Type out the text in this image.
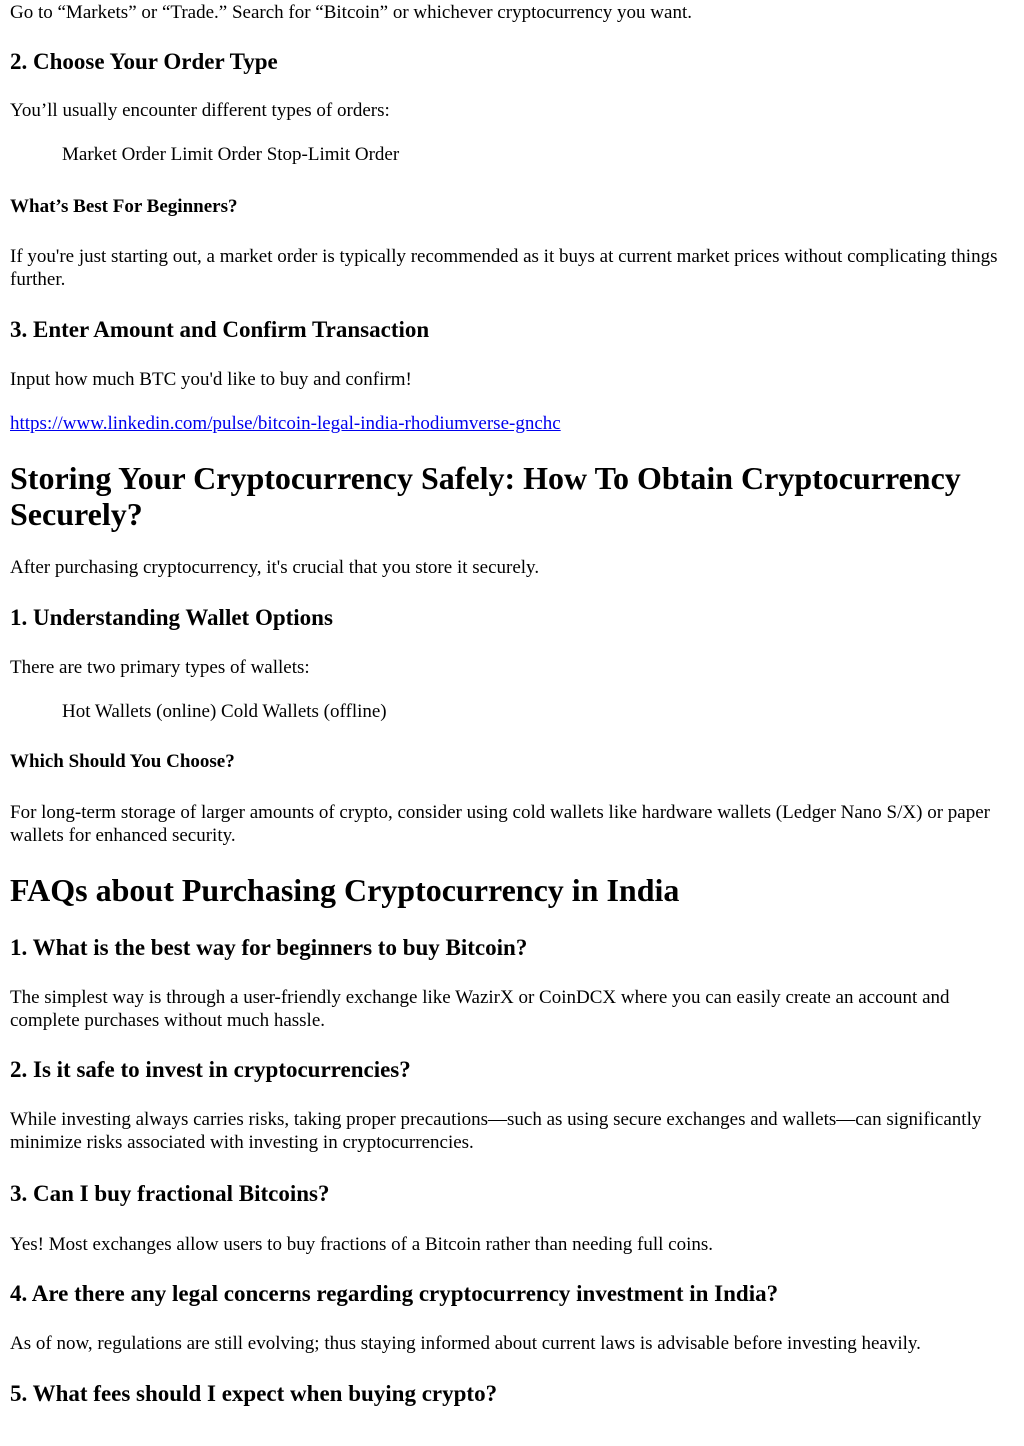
Go to “Markets” or “Trade.” Search for “Bitcoin” or whichever cryptocurrency you want.

2. Choose Your Order Type

You’ll usually encounter different types of orders:

Market Order Limit Order Stop-Limit Order

What’s Best For Beginners?

If you're just starting out, a market order is typically recommended as it buys at current market prices without complicating things further.

3. Enter Amount and Confirm Transaction

Input how much BTC you'd like to buy and confirm!

https://www.linkedin.com/pulse/bitcoin-legal-india-rhodiumverse-gnchc
Storing Your Cryptocurrency Safely: How To Obtain Cryptocurrency Securely?

After purchasing cryptocurrency, it's crucial that you store it securely.

1. Understanding Wallet Options

There are two primary types of wallets:

Hot Wallets (online) Cold Wallets (offline)

Which Should You Choose?

For long-term storage of larger amounts of crypto, consider using cold wallets like hardware wallets (Ledger Nano S/X) or paper wallets for enhanced security.

FAQs about Purchasing Cryptocurrency in India
1. What is the best way for beginners to buy Bitcoin?

The simplest way is through a user-friendly exchange like WazirX or CoinDCX where you can easily create an account and complete purchases without much hassle.

2. Is it safe to invest in cryptocurrencies?

While investing always carries risks, taking proper precautions—such as using secure exchanges and wallets—can significantly minimize risks associated with investing in cryptocurrencies.

3. Can I buy fractional Bitcoins?

Yes! Most exchanges allow users to buy fractions of a Bitcoin rather than needing full coins.

4. Are there any legal concerns regarding cryptocurrency investment in India?

As of now, regulations are still evolving; thus staying informed about current laws is advisable before investing heavily.

5. What fees should I expect when buying crypto?
